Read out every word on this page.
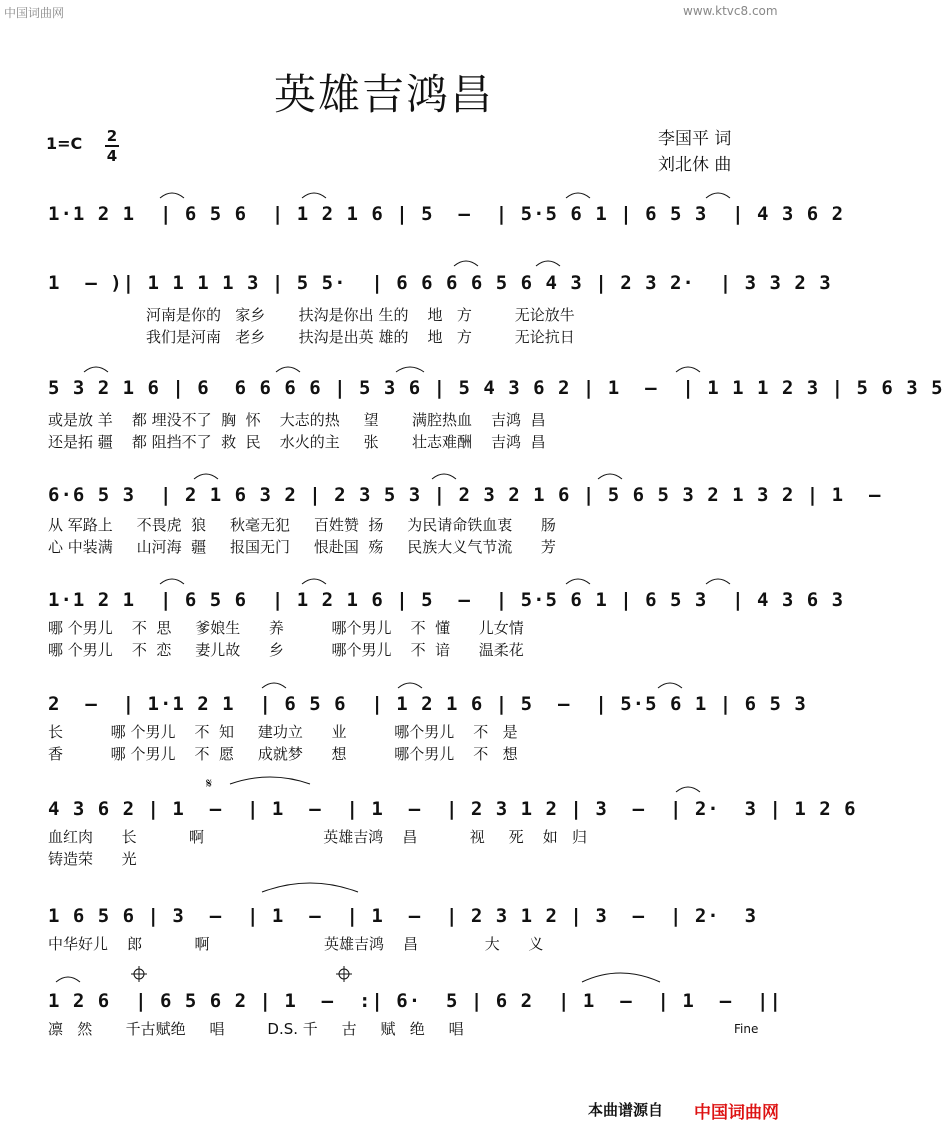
中国词曲网	www.ktvc8.com
英雄吉鸿昌
1=C 2
4
李国平 词
刘北休 曲
1·1 2 1  | 6 5 6  | 1 2 1 6 | 5  –  | 5·5 6 1 | 6 5 3  | 4 3 6 2
1  – )| 1 1 1 1 3 | 5 5·  | 6 6 6 6 5 6 4 3 | 2 3 2·  | 3 3 2 3
河南是你的   家乡       扶沟是你出 生的    地   方         无论放牛
我们是河南   老乡       扶沟是出英 雄的    地   方         无论抗日
5 3 2 1 6 | 6  6 6 6 6 | 5 3 6 | 5 4 3 6 2 | 1  –  | 1 1 1 2 3 | 5 6 3 5
或是放 羊    都 埋没不了  胸  怀    大志的热     望       满腔热血    吉鸿  昌
还是拓 疆    都 阻挡不了  救  民    水火的主     张       壮志难酬    吉鸿  昌
6·6 5 3  | 2 1 6 3 2 | 2 3 5 3 | 2 3 2 1 6 | 5 6 5 3 2 1 3 2 | 1  –
从 军路上     不畏虎  狼     秋毫无犯     百姓赞  扬     为民请命铁血衷      肠
心 中装满     山河海  疆     报国无门     恨赴国  殇     民族大义气节流      芳
1·1 2 1  | 6 5 6  | 1 2 1 6 | 5  –  | 5·5 6 1 | 6 5 3  | 4 3 6 3
哪 个男儿    不  思     爹娘生      养          哪个男儿    不  懂      儿女情
哪 个男儿    不  恋     妻儿故      乡          哪个男儿    不  谙      温柔花
2  –  | 1·1 2 1  | 6 5 6  | 1 2 1 6 | 5  –  | 5·5 6 1 | 6 5 3
长          哪 个男儿    不  知     建功立      业          哪个男儿    不   是
香          哪 个男儿    不  愿     成就梦      想          哪个男儿    不   想
4 3 6 2 | 1  –  | 1  –  | 1  –  | 2 3 1 2 | 3  –  | 2·  3 | 1 2 6
血红肉      长           啊                         英雄吉鸿    昌           视     死    如   归
铸造荣      光
1 6 5 6 | 3  –  | 1  –  | 1  –  | 2 3 1 2 | 3  –  | 2·  3
中华好儿    郎           啊                        英雄吉鸿    昌              大      义
1 2 6  | 6 5 6 2 | 1  –  :| 6·  5 | 6 2  | 1  –  | 1  –  ||
凛   然       千古赋绝     唱         D.S. 千     古     赋   绝     唱	Fine
𝄋
本曲谱源自 中国词曲网
